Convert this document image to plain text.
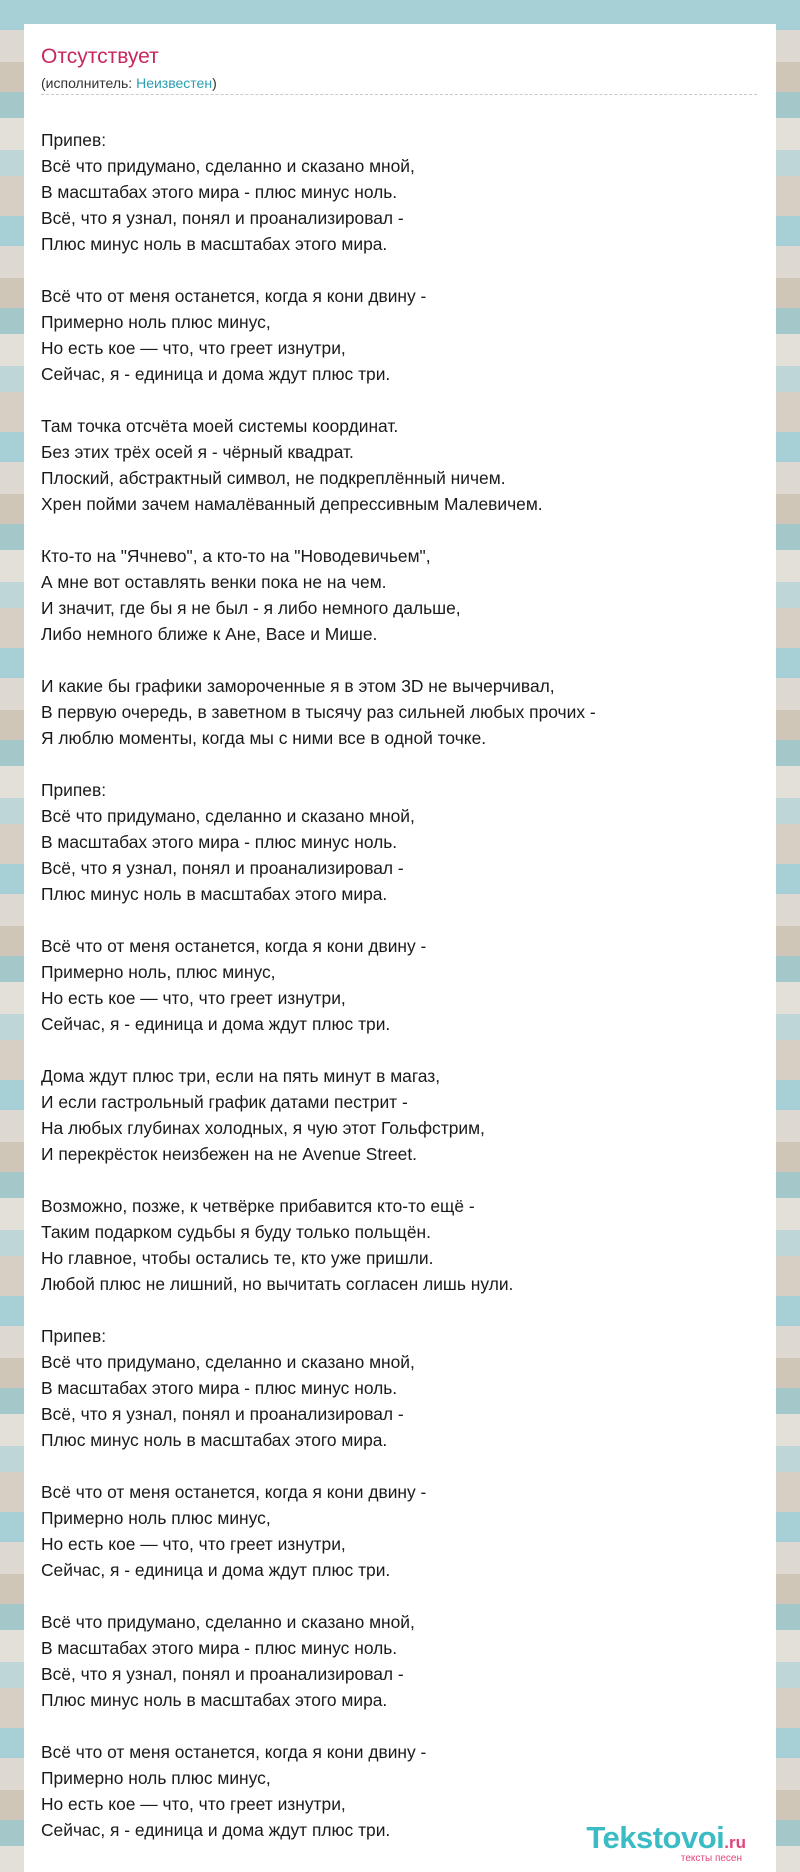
Отсутствует
(исполнитель: Неизвестен)
Припев:
Всё что придумано, сделанно и сказано мной,
В масштабах этого мира - плюс минус ноль.
Всё, что я узнал, понял и проанализировал -
Плюс минус ноль в масштабах этого мира.
Всё что от меня останется, когда я кони двину -
Примерно ноль плюс минус,
Но есть кое — что, что греет изнутри,
Сейчас, я - единица и дома ждут плюс три.
Там точка отсчёта моей системы координат.
Без этих трёх осей я - чёрный квадрат.
Плоский, абстрактный символ, не подкреплённый ничем.
Хрен пойми зачем намалёванный депрессивным Малевичем.
Кто-то на "Ячнево", а кто-то на "Новодевичьем",
А мне вот оставлять венки пока не на чем.
И значит, где бы я не был - я либо немного дальше,
Либо немного ближе к Ане, Васе и Мише.
И какие бы графики замороченные я в этом 3D не вычерчивал,
В первую очередь, в заветном в тысячу раз сильней любых прочих -
Я люблю моменты, когда мы с ними все в одной точке.
Припев:
Всё что придумано, сделанно и сказано мной,
В масштабах этого мира - плюс минус ноль.
Всё, что я узнал, понял и проанализировал -
Плюс минус ноль в масштабах этого мира.
Всё что от меня останется, когда я кони двину -
Примерно ноль, плюс минус,
Но есть кое — что, что греет изнутри,
Сейчас, я - единица и дома ждут плюс три.
Дома ждут плюс три, если на пять минут в магаз,
И если гастрольный график датами пестрит -
На любых глубинах холодных, я чую этот Гольфстрим,
И перекрёсток неизбежен на не Avenue Street.
Возможно, позже, к четвёрке прибавится кто-то ещё -
Таким подарком судьбы я буду только польщён.
Но главное, чтобы остались те, кто уже пришли.
Любой плюс не лишний, но вычитать согласен лишь нули.
Припев:
Всё что придумано, сделанно и сказано мной,
В масштабах этого мира - плюс минус ноль.
Всё, что я узнал, понял и проанализировал -
Плюс минус ноль в масштабах этого мира.
Всё что от меня останется, когда я кони двину -
Примерно ноль плюс минус,
Но есть кое — что, что греет изнутри,
Сейчас, я - единица и дома ждут плюс три.
Всё что придумано, сделанно и сказано мной,
В масштабах этого мира - плюс минус ноль.
Всё, что я узнал, понял и проанализировал -
Плюс минус ноль в масштабах этого мира.
Всё что от меня останется, когда я кони двину -
Примерно ноль плюс минус,
Но есть кое — что, что греет изнутри,
Сейчас, я - единица и дома ждут плюс три.	Tekstovoi.ru
тексты песен
